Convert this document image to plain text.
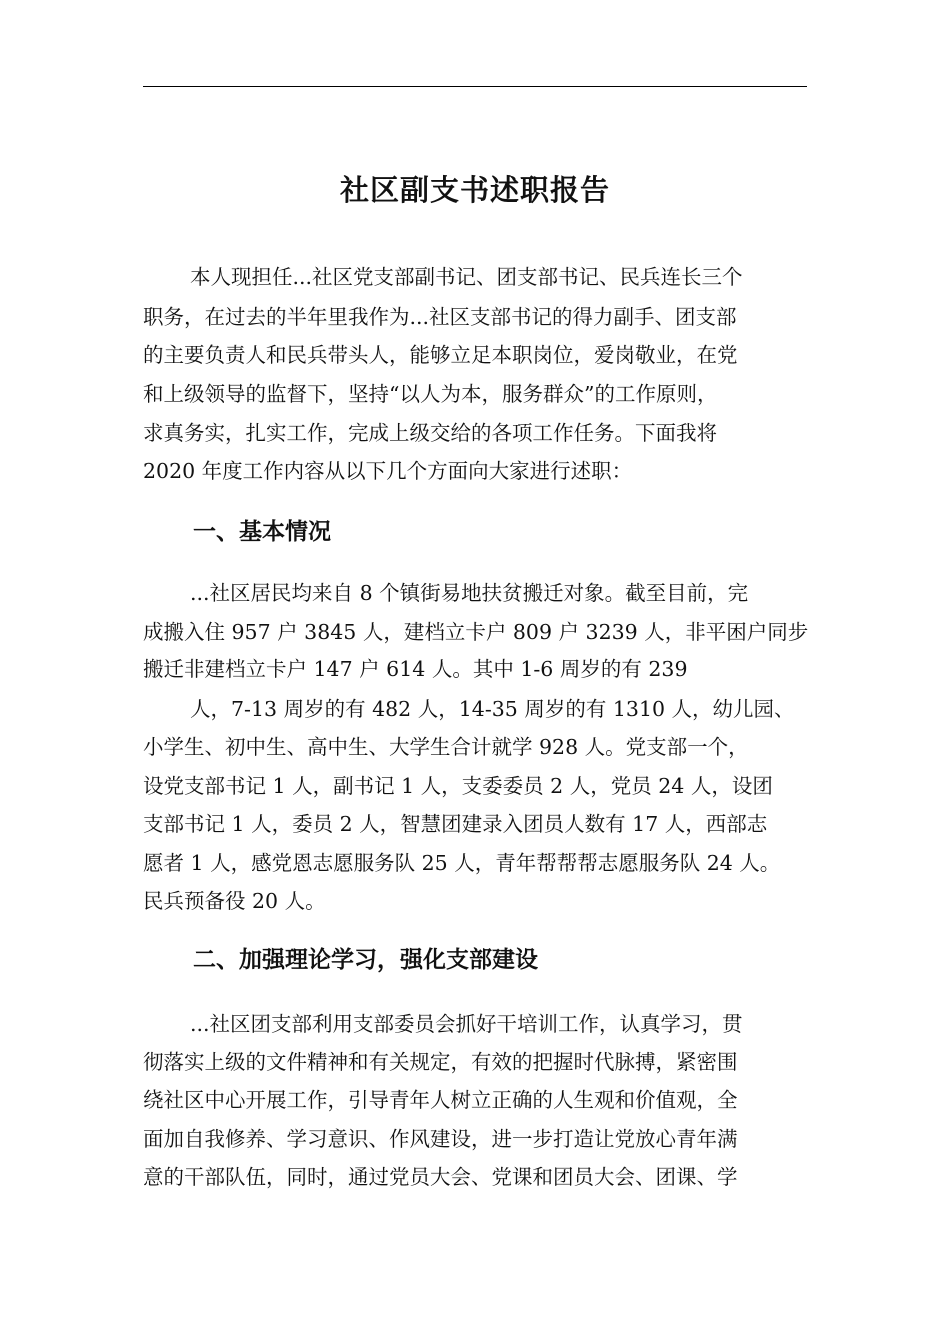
社区副支书述职报告

本人现担任...社区党支部副书记、团支部书记、民兵连长三个

职务，在过去的半年里我作为...社区支部书记的得力副手、团支部

的主要负责人和民兵带头人，能够立足本职岗位，爱岗敬业，在党

和上级领导的监督下，坚持“以人为本，服务群众”的工作原则，

求真务实，扎实工作，完成上级交给的各项工作任务。下面我将

2020 年度工作内容从以下几个方面向大家进行述职：

一、基本情况

...社区居民均来自 8 个镇街易地扶贫搬迁对象。截至目前，完

成搬入住 957 户 3845 人，建档立卡户 809 户 3239 人，非平困户同步

搬迁非建档立卡户 147 户 614 人。其中 1-6 周岁的有 239

人，7-13 周岁的有 482 人，14-35 周岁的有 1310 人，幼儿园、

小学生、初中生、高中生、大学生合计就学 928 人。党支部一个，

设党支部书记 1 人，副书记 1 人，支委委员 2 人，党员 24 人，设团

支部书记 1 人，委员 2 人，智慧团建录入团员人数有 17 人，西部志

愿者 1 人，感党恩志愿服务队 25 人，青年帮帮帮志愿服务队 24 人。

民兵预备役 20 人。

二、加强理论学习，强化支部建设

...社区团支部利用支部委员会抓好干培训工作，认真学习，贯

彻落实上级的文件精神和有关规定，有效的把握时代脉搏，紧密围

绕社区中心开展工作，引导青年人树立正确的人生观和价值观，全

面加自我修养、学习意识、作风建设，进一步打造让党放心青年满

意的干部队伍，同时，通过党员大会、党课和团员大会、团课、学
